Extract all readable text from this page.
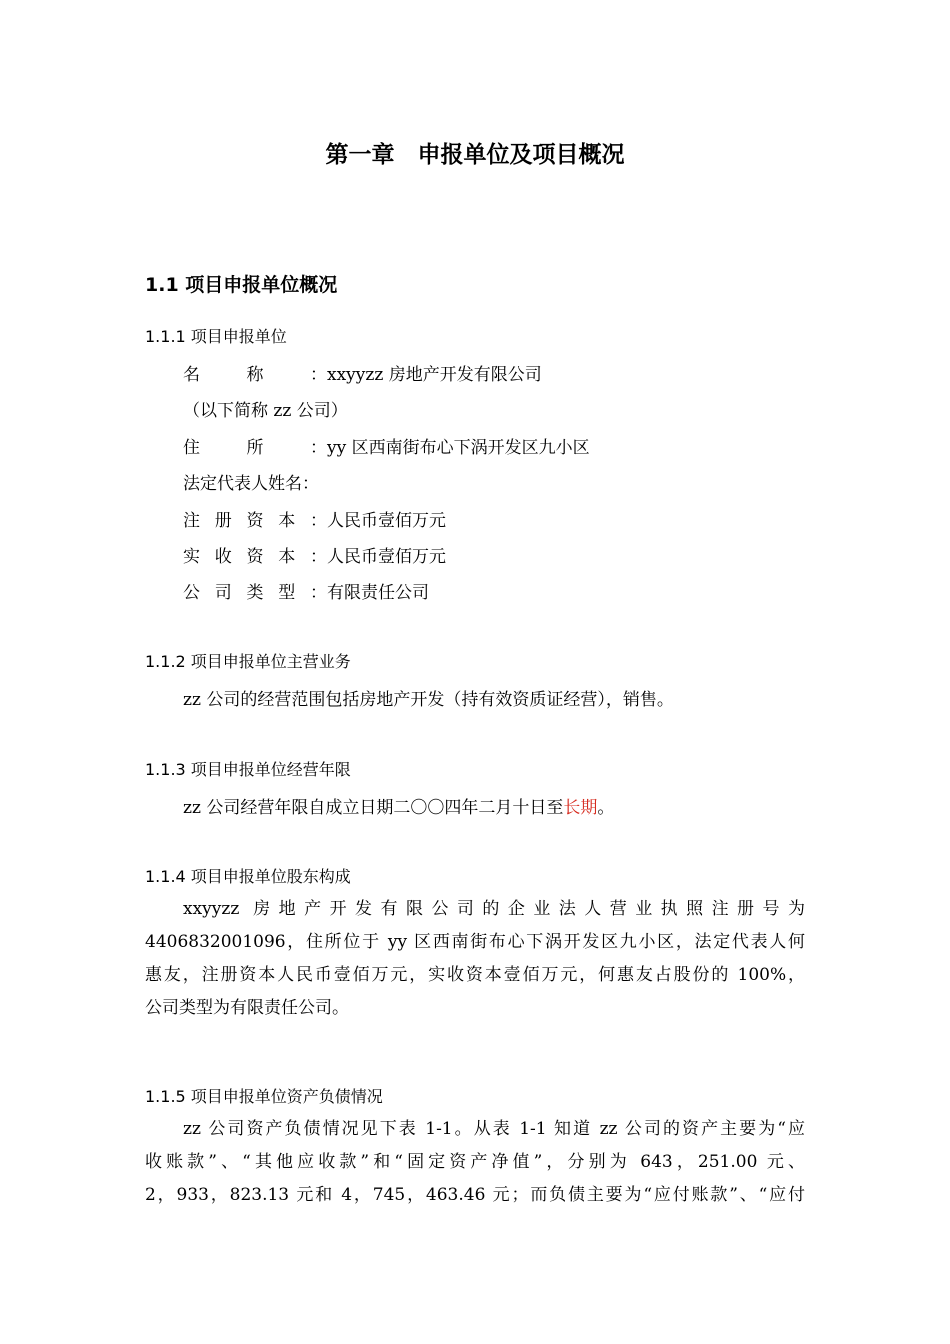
第一章　申报单位及项目概况
1.1 项目申报单位概况
1.1.1 项目申报单位
名称：xxyyzz 房地产开发有限公司
（以下简称 zz 公司）
住所：yy 区西南街布心下涡开发区九小区
法定代表人姓名：
注册资本：人民币壹佰万元
实收资本：人民币壹佰万元
公司类型：有限责任公司
1.1.2 项目申报单位主营业务
zz 公司的经营范围包括房地产开发（持有效资质证经营），销售。
1.1.3 项目申报单位经营年限
zz 公司经营年限自成立日期二〇〇四年二月十日至长期。
1.1.4 项目申报单位股东构成
xxyyzz 房地产开发有限公司的企业法人营业执照注册号为
4406832001096，住所位于 yy 区西南街布心下涡开发区九小区，法定代表人何
惠友，注册资本人民币壹佰万元，实收资本壹佰万元，何惠友占股份的 100%，
公司类型为有限责任公司。
1.1.5 项目申报单位资产负债情况
zz 公司资产负债情况见下表 1-1。从表 1-1 知道 zz 公司的资产主要为“应
收账款”、“其他应收款”和“固定资产净值”，分别为 643，251.00 元、
2，933，823.13 元和 4，745，463.46 元；而负债主要为“应付账款”、“应付
